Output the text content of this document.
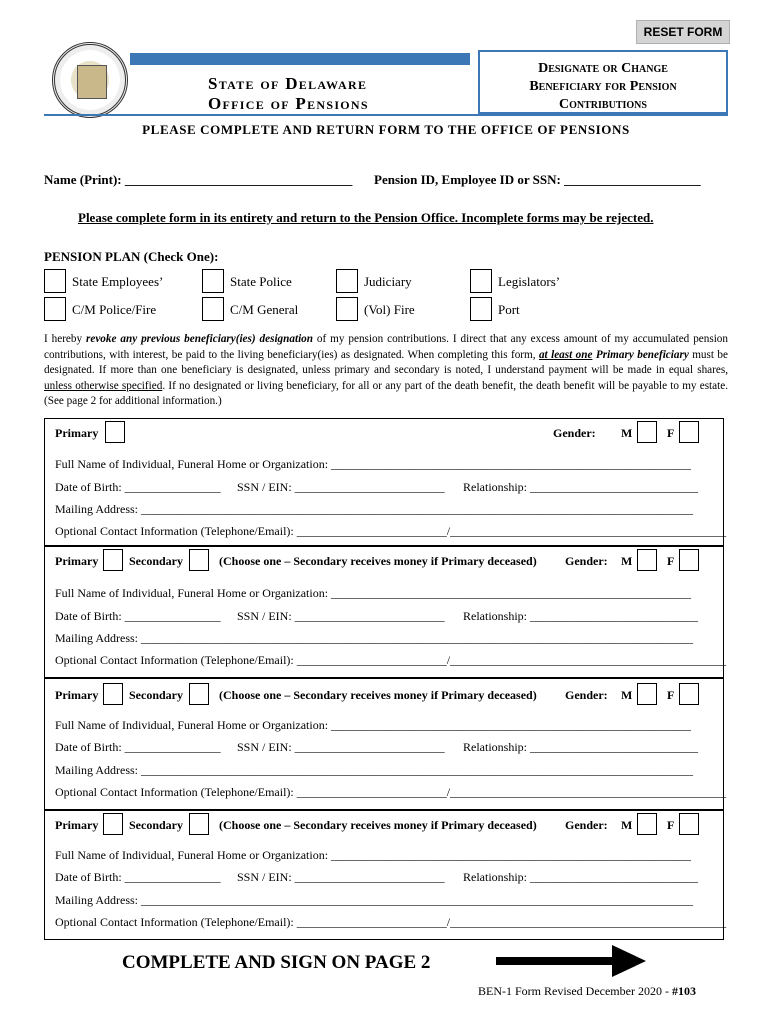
RESET FORM
State of Delaware
Office of Pensions
Designate or Change
Beneficiary for Pension
Contributions
PLEASE COMPLETE AND RETURN FORM TO THE OFFICE OF PENSIONS
Name (Print): ___________________________________ Pension ID, Employee ID or SSN: _____________________
Please complete form in its entirety and return to the Pension Office. Incomplete forms may be rejected.
PENSION PLAN (Check One):
State Employees’	State Police	Judiciary	Legislators’
C/M Police/Fire	C/M General	(Vol) Fire	Port
I hereby revoke any previous beneficiary(ies) designation of my pension contributions. I direct that any excess amount of my accumulated pension contributions, with interest, be paid to the living beneficiary(ies) as designated. When completing this form, at least one Primary beneficiary must be designated. If more than one beneficiary is designated, unless primary and secondary is noted, I understand payment will be made in equal shares, unless otherwise specified. If no designated or living beneficiary, for all or any part of the death benefit, the death benefit will be payable to my estate. (See page 2 for additional information.)
Primary	Gender: M	F
Full Name of Individual, Funeral Home or Organization: ____________________________________________________________
Date of Birth: ________________ SSN / EIN: _________________________ Relationship: ____________________________
Mailing Address: ____________________________________________________________________________________________
Optional Contact Information (Telephone/Email): _________________________/______________________________________________
Primary	Secondary	(Choose one – Secondary receives money if Primary deceased) Gender: M	F
Full Name of Individual, Funeral Home or Organization: ____________________________________________________________
Date of Birth: ________________ SSN / EIN: _________________________ Relationship: ____________________________
Mailing Address: ____________________________________________________________________________________________
Optional Contact Information (Telephone/Email): _________________________/______________________________________________
Primary	Secondary	(Choose one – Secondary receives money if Primary deceased) Gender: M	F
Full Name of Individual, Funeral Home or Organization: ____________________________________________________________
Date of Birth: ________________ SSN / EIN: _________________________ Relationship: ____________________________
Mailing Address: ____________________________________________________________________________________________
Optional Contact Information (Telephone/Email): _________________________/______________________________________________
Primary	Secondary	(Choose one – Secondary receives money if Primary deceased) Gender: M	F
Full Name of Individual, Funeral Home or Organization: ____________________________________________________________
Date of Birth: ________________ SSN / EIN: _________________________ Relationship: ____________________________
Mailing Address: ____________________________________________________________________________________________
Optional Contact Information (Telephone/Email): _________________________/______________________________________________
COMPLETE AND SIGN ON PAGE 2
BEN-1 Form Revised December 2020 - #103
